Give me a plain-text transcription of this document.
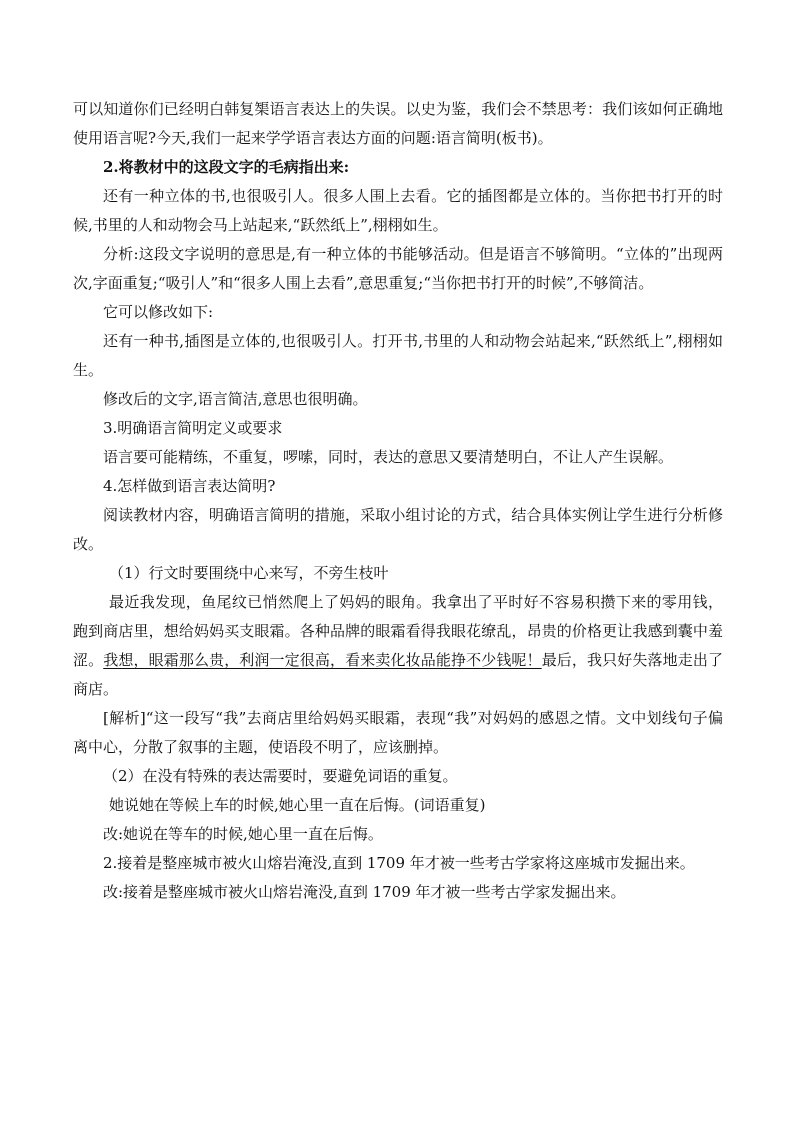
可以知道你们已经明白韩复榘语言表达上的失误。以史为鉴，我们会不禁思考：我们该如何正确地使用语言呢?今天,我们一起来学学语言表达方面的问题:语言简明(板书)。

2.将教材中的这段文字的毛病指出来:

还有一种立体的书,也很吸引人。很多人围上去看。它的插图都是立体的。当你把书打开的时候,书里的人和动物会马上站起来,“跃然纸上”,栩栩如生。

分析:这段文字说明的意思是,有一种立体的书能够活动。但是语言不够简明。“立体的”出现两次,字面重复;“吸引人”和“很多人围上去看”,意思重复;“当你把书打开的时候”,不够简洁。

它可以修改如下:

还有一种书,插图是立体的,也很吸引人。打开书,书里的人和动物会站起来,“跃然纸上”,栩栩如生。

修改后的文字,语言简洁,意思也很明确。

3.明确语言简明定义或要求

语言要可能精练，不重复，啰嗦，同时，表达的意思又要清楚明白，不让人产生误解。

4.怎样做到语言表达简明?

阅读教材内容，明确语言简明的措施，采取小组讨论的方式，结合具体实例让学生进行分析修改。

（1）行文时要围绕中心来写，不旁生枝叶

最近我发现，鱼尾纹已悄然爬上了妈妈的眼角。我拿出了平时好不容易积攒下来的零用钱，跑到商店里，想给妈妈买支眼霜。各种品牌的眼霜看得我眼花缭乱，昂贵的价格更让我感到囊中羞涩。我想，眼霜那么贵，利润一定很高，看来卖化妆品能挣不少钱呢！最后，我只好失落地走出了商店。

[解析]“这一段写“我”去商店里给妈妈买眼霜，表现“我”对妈妈的感恩之情。文中划线句子偏离中心，分散了叙事的主题，使语段不明了，应该删掉。

（2）在没有特殊的表达需要时，要避免词语的重复。

她说她在等候上车的时候,她心里一直在后悔。(词语重复)

改:她说在等车的时候,她心里一直在后悔。

2.接着是整座城市被火山熔岩淹没,直到 1709 年才被一些考古学家将这座城市发掘出来。

改:接着是整座城市被火山熔岩淹没,直到 1709 年才被一些考古学家发掘出来。
